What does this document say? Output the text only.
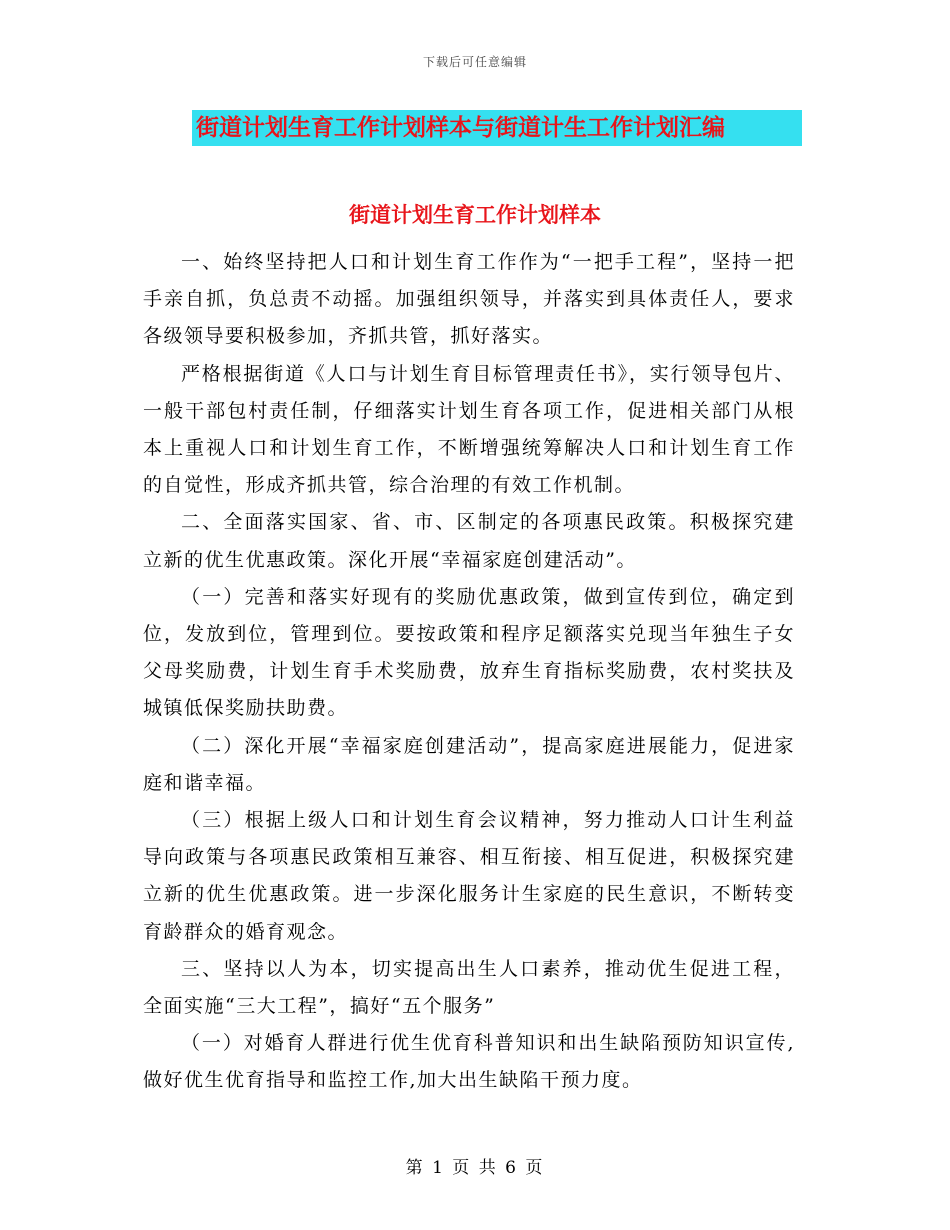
下载后可任意编辑
街道计划生育工作计划样本与街道计生工作计划汇编
街道计划生育工作计划样本

一、始终坚持把人口和计划生育工作作为“一把手工程”，坚持一把手亲自抓，负总责不动摇。加强组织领导，并落实到具体责任人，要求各级领导要积极参加，齐抓共管，抓好落实。

严格根据街道《人口与计划生育目标管理责任书》，实行领导包片、一般干部包村责任制，仔细落实计划生育各项工作，促进相关部门从根本上重视人口和计划生育工作，不断增强统筹解决人口和计划生育工作的自觉性，形成齐抓共管，综合治理的有效工作机制。

二、全面落实国家、省、市、区制定的各项惠民政策。积极探究建立新的优生优惠政策。深化开展“幸福家庭创建活动”。

（一）完善和落实好现有的奖励优惠政策，做到宣传到位，确定到位，发放到位，管理到位。要按政策和程序足额落实兑现当年独生子女父母奖励费，计划生育手术奖励费，放弃生育指标奖励费，农村奖扶及城镇低保奖励扶助费。

（二）深化开展“幸福家庭创建活动”，提高家庭进展能力，促进家庭和谐幸福。

（三）根据上级人口和计划生育会议精神，努力推动人口计生利益导向政策与各项惠民政策相互兼容、相互衔接、相互促进，积极探究建立新的优生优惠政策。进一步深化服务计生家庭的民生意识，不断转变育龄群众的婚育观念。

三、坚持以人为本，切实提高出生人口素养，推动优生促进工程，全面实施“三大工程”，搞好“五个服务”

（一）对婚育人群进行优生优育科普知识和出生缺陷预防知识宣传,做好优生优育指导和监控工作,加大出生缺陷干预力度。

第 1 页 共 6 页
